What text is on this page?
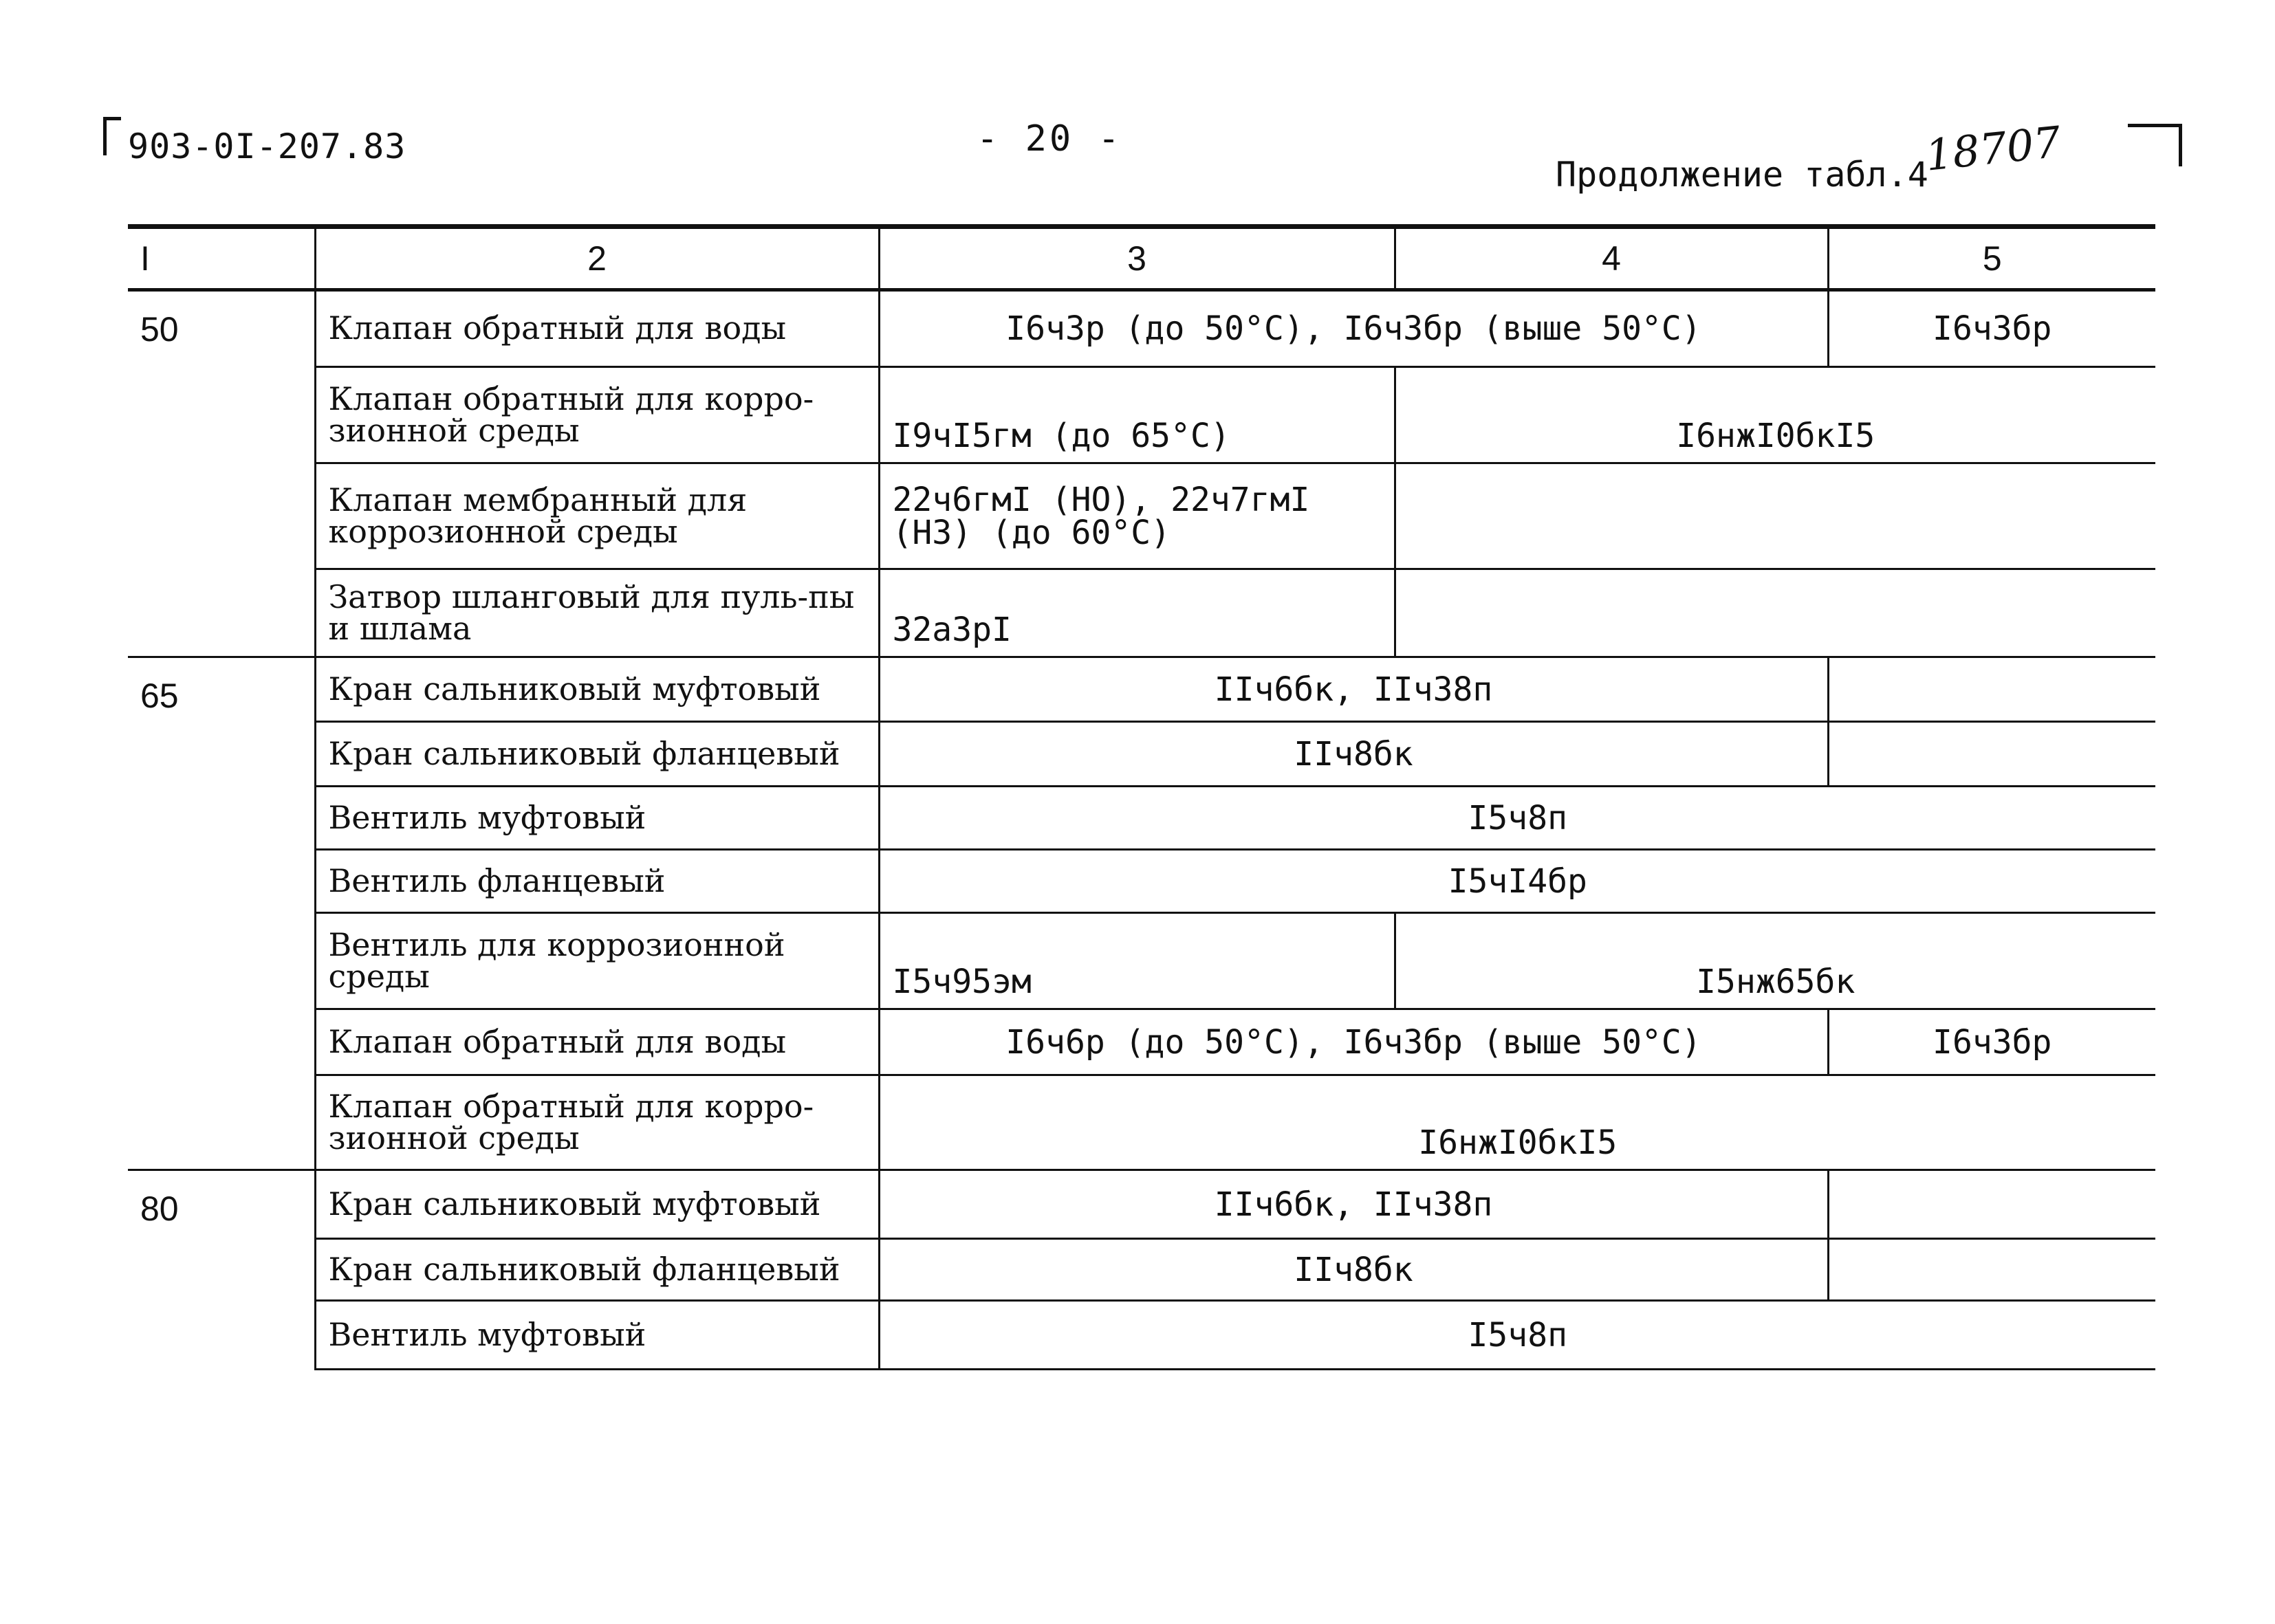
903-0I-207.83	- 20 -
Продолжение табл.4
18707
I	2	3	4	5
50	Клапан обратный для воды	I6ч3р (до 50°С), I6ч3бр (выше 50°С)		I6ч3бр
	Клапан обратный для корро-зионной среды	I9чI5гм (до 65°С)	I6нжI0бкI5	
	Клапан мембранный для коррозионной среды	22ч6гмI (НО), 22ч7гмI (НЗ) (до 60°С)		
	Затвор шланговый для пуль-пы и шлама	32а3рI		
65	Кран сальниковый муфтовый	IIч6бк, IIч38п		
	Кран сальниковый фланцевый	IIч8бк		
	Вентиль муфтовый	I5ч8п		
	Вентиль фланцевый	I5чI4бр		
	Вентиль для коррозионной среды	I5ч95эм	I5нж65бк	
	Клапан обратный для воды	I6ч6р (до 50°С), I6ч3бр (выше 50°С)		I6ч3бр
	Клапан обратный для корро-зионной среды	I6нжI0бкI5		
80	Кран сальниковый муфтовый	IIч6бк, IIч38п		
	Кран сальниковый фланцевый	IIч8бк		
	Вентиль муфтовый	I5ч8п		
